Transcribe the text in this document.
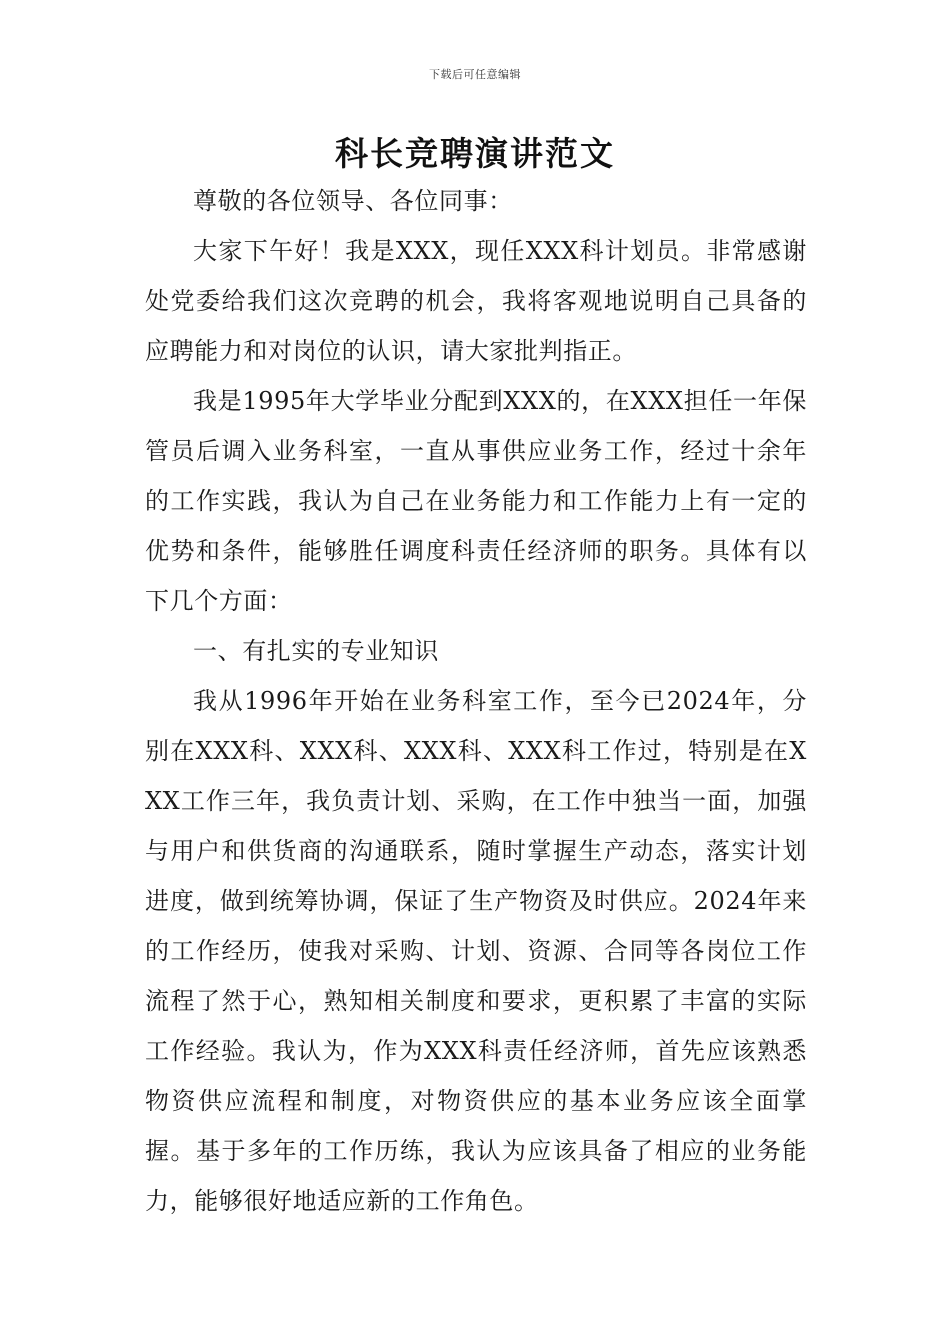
下载后可任意编辑
科长竞聘演讲范文

尊敬的各位领导、各位同事：

大家下午好！我是XXX，现任XXX科计划员。非常感谢处党委给我们这次竞聘的机会，我将客观地说明自己具备的应聘能力和对岗位的认识，请大家批判指正。

我是1995年大学毕业分配到XXX的，在XXX担任一年保管员后调入业务科室，一直从事供应业务工作，经过十余年的工作实践，我认为自己在业务能力和工作能力上有一定的优势和条件，能够胜任调度科责任经济师的职务。具体有以下几个方面：

一、有扎实的专业知识

我从1996年开始在业务科室工作，至今已2024年，分别在XXX科、XXX科、XXX科、XXX科工作过，特别是在XXX工作三年，我负责计划、采购，在工作中独当一面，加强与用户和供货商的沟通联系，随时掌握生产动态，落实计划进度，做到统筹协调，保证了生产物资及时供应。2024年来的工作经历，使我对采购、计划、资源、合同等各岗位工作流程了然于心，熟知相关制度和要求，更积累了丰富的实际工作经验。我认为，作为XXX科责任经济师，首先应该熟悉物资供应流程和制度，对物资供应的基本业务应该全面掌握。基于多年的工作历练，我认为应该具备了相应的业务能力，能够很好地适应新的工作角色。
